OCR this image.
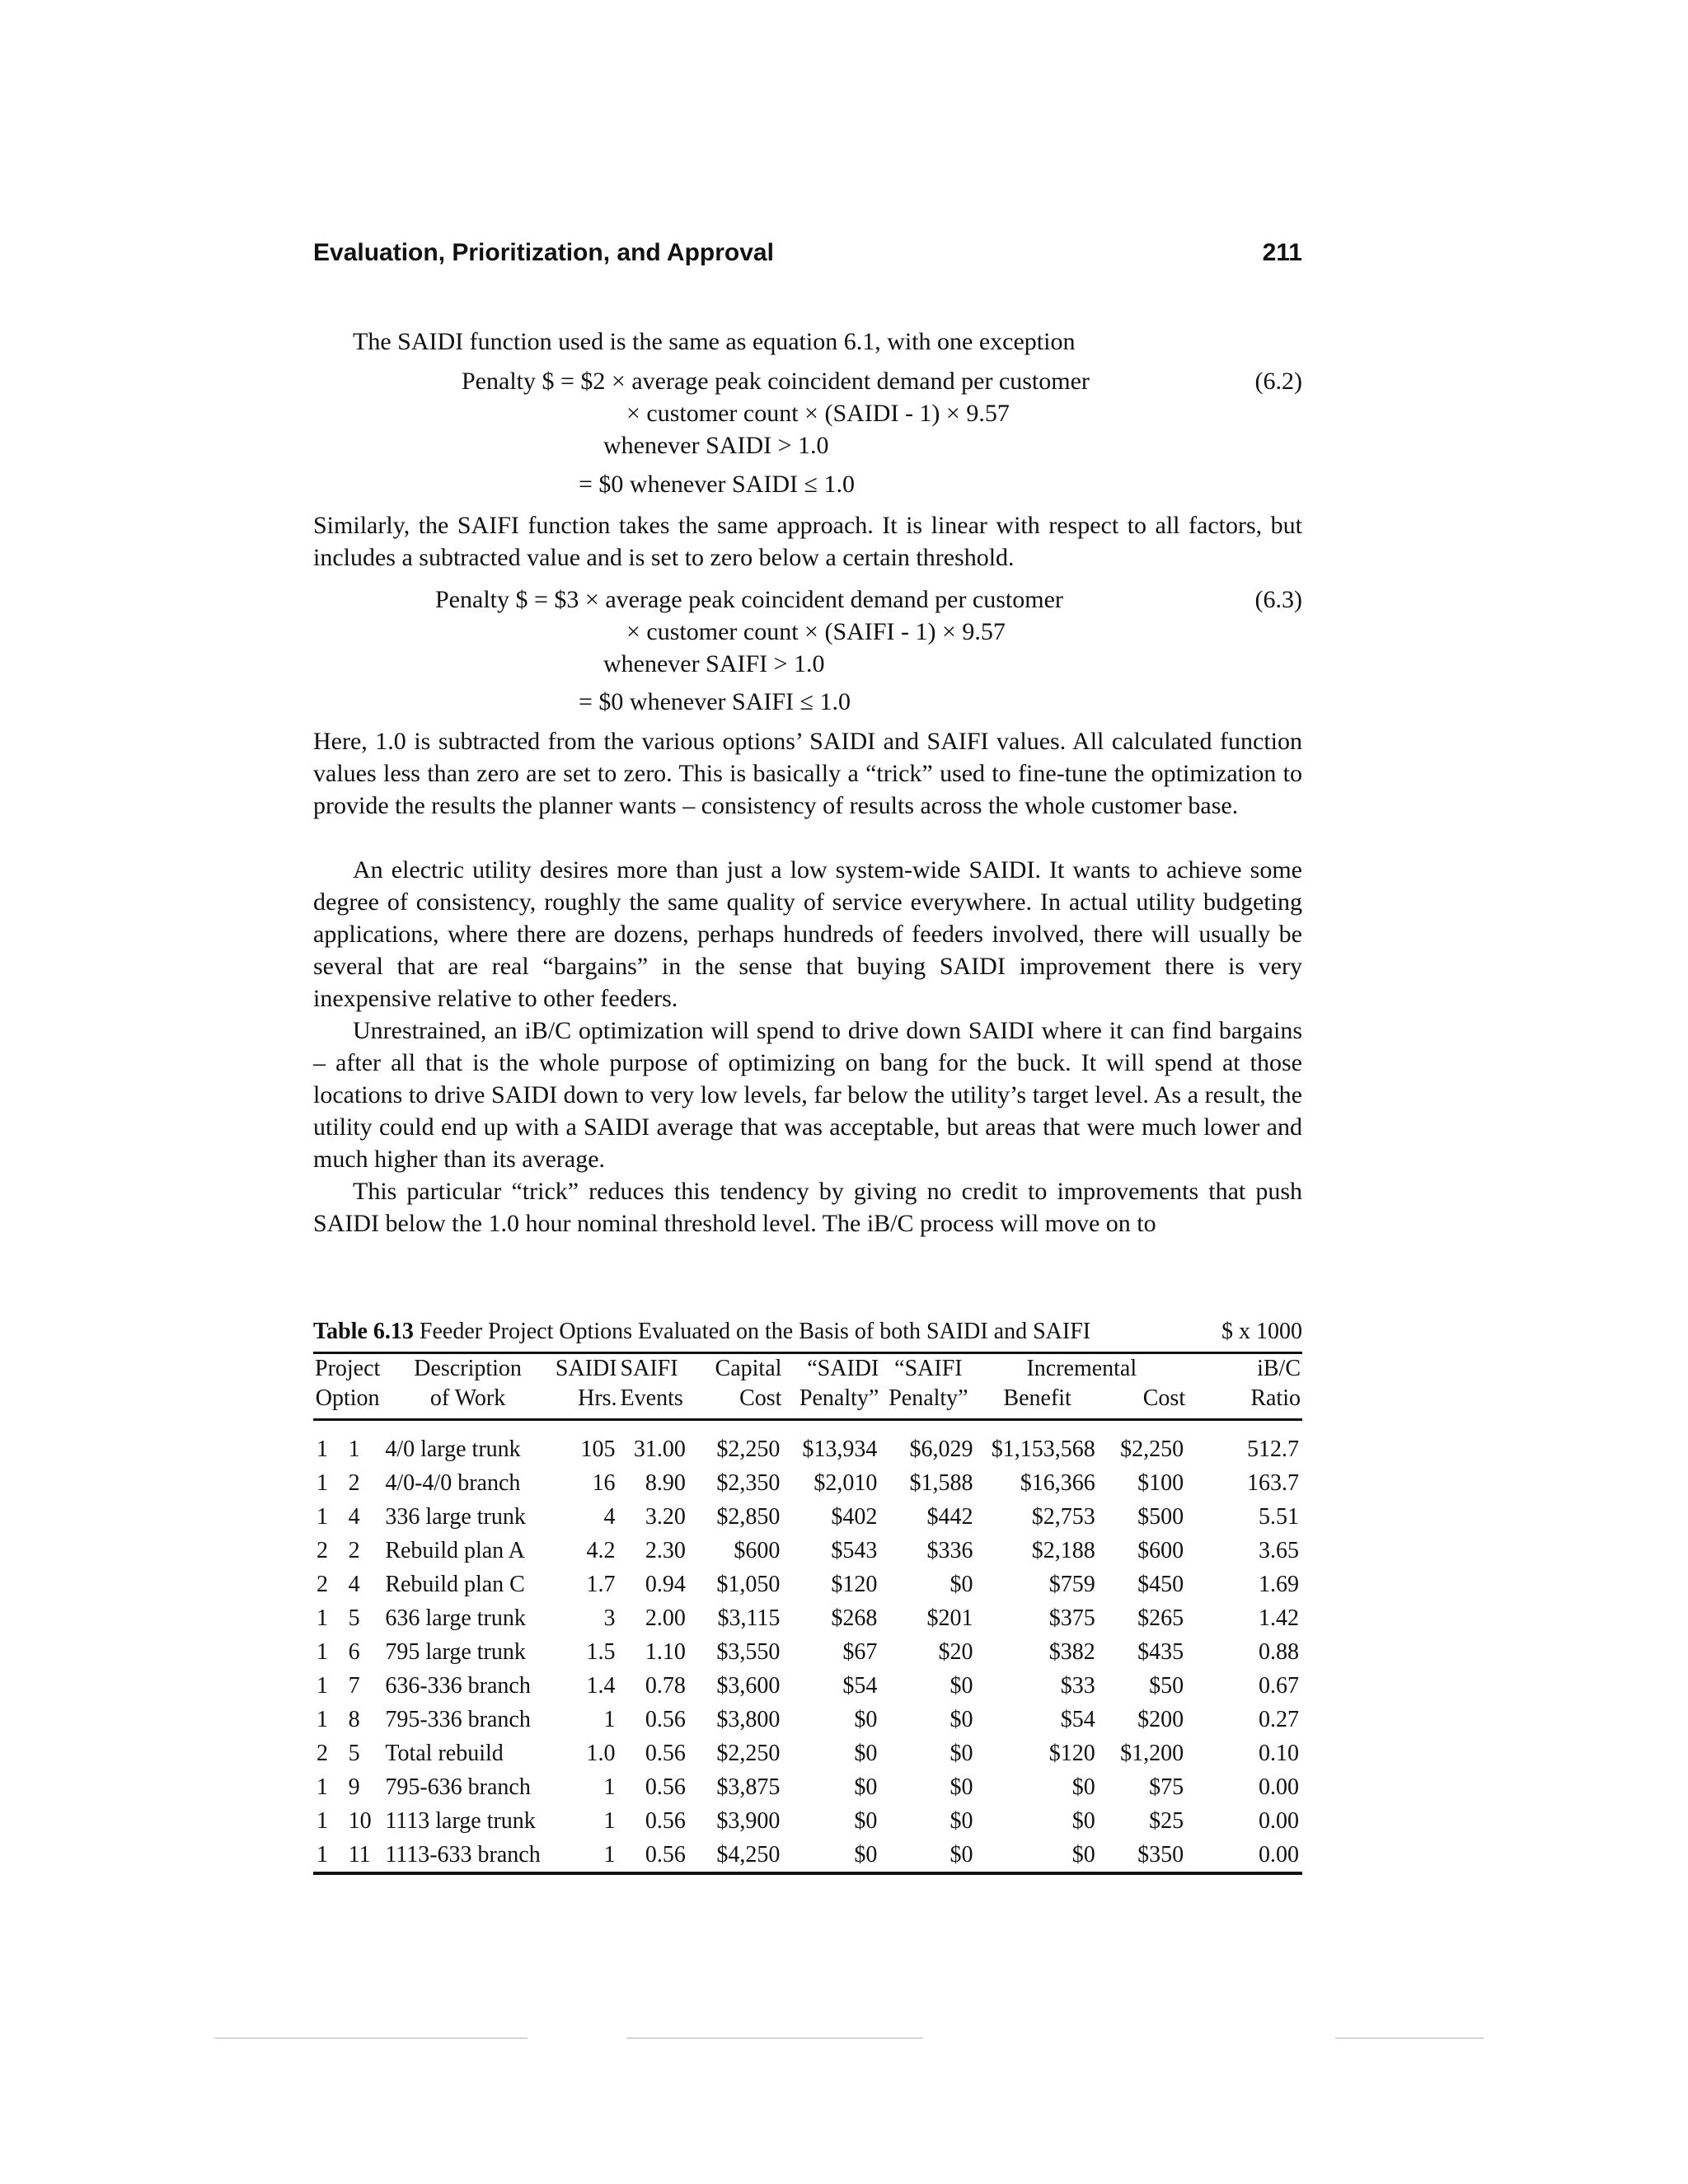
Evaluation, Prioritization, and Approval	211
The SAIDI function used is the same as equation 6.1, with one exception
Penalty $ = $2 × average peak coincident demand per customer	(6.2)
× customer count × (SAIDI - 1) × 9.57
whenever SAIDI > 1.0
= $0 whenever SAIDI ≤ 1.0
Similarly, the SAIFI function takes the same approach. It is linear with respect to all factors, but includes a subtracted value and is set to zero below a certain threshold.
Penalty $ = $3 × average peak coincident demand per customer	(6.3)
× customer count × (SAIFI - 1) × 9.57
whenever SAIFI > 1.0
= $0 whenever SAIFI ≤ 1.0
Here, 1.0 is subtracted from the various options’ SAIDI and SAIFI values. All calculated function values less than zero are set to zero. This is basically a “trick” used to fine-tune the optimization to provide the results the planner wants – consistency of results across the whole customer base.
An electric utility desires more than just a low system-wide SAIDI. It wants to achieve some degree of consistency, roughly the same quality of service everywhere. In actual utility budgeting applications, where there are dozens, perhaps hundreds of feeders involved, there will usually be several that are real “bargains” in the sense that buying SAIDI improvement there is very inexpensive relative to other feeders.
Unrestrained, an iB/C optimization will spend to drive down SAIDI where it can find bargains – after all that is the whole purpose of optimizing on bang for the buck. It will spend at those locations to drive SAIDI down to very low levels, far below the utility’s target level. As a result, the utility could end up with a SAIDI average that was acceptable, but areas that were much lower and much higher than its average.
This particular “trick” reduces this tendency by giving no credit to improvements that push SAIDI below the 1.0 hour nominal threshold level. The iB/C process will move on to
Table 6.13 Feeder Project Options Evaluated on the Basis of both SAIDI and SAIFI	$ x 1000
Project		Description	SAIDI	SAIFI	Capital	“SAIDI	“SAIFI	Incremental		iB/C
Option		of Work	Hrs.	Events	Cost	Penalty”	Penalty”	Benefit	Cost	Ratio
1	1	4/0 large trunk	105	31.00	$2,250	$13,934	$6,029	$1,153,568	$2,250	512.7
1	2	4/0-4/0 branch	16	8.90	$2,350	$2,010	$1,588	$16,366	$100	163.7
1	4	336 large trunk	4	3.20	$2,850	$402	$442	$2,753	$500	5.51
2	2	Rebuild plan A	4.2	2.30	$600	$543	$336	$2,188	$600	3.65
2	4	Rebuild plan C	1.7	0.94	$1,050	$120	$0	$759	$450	1.69
1	5	636 large trunk	3	2.00	$3,115	$268	$201	$375	$265	1.42
1	6	795 large trunk	1.5	1.10	$3,550	$67	$20	$382	$435	0.88
1	7	636-336 branch	1.4	0.78	$3,600	$54	$0	$33	$50	0.67
1	8	795-336 branch	1	0.56	$3,800	$0	$0	$54	$200	0.27
2	5	Total rebuild	1.0	0.56	$2,250	$0	$0	$120	$1,200	0.10
1	9	795-636 branch	1	0.56	$3,875	$0	$0	$0	$75	0.00
1	10	1113 large trunk	1	0.56	$3,900	$0	$0	$0	$25	0.00
1	11	1113-633 branch	1	0.56	$4,250	$0	$0	$0	$350	0.00
